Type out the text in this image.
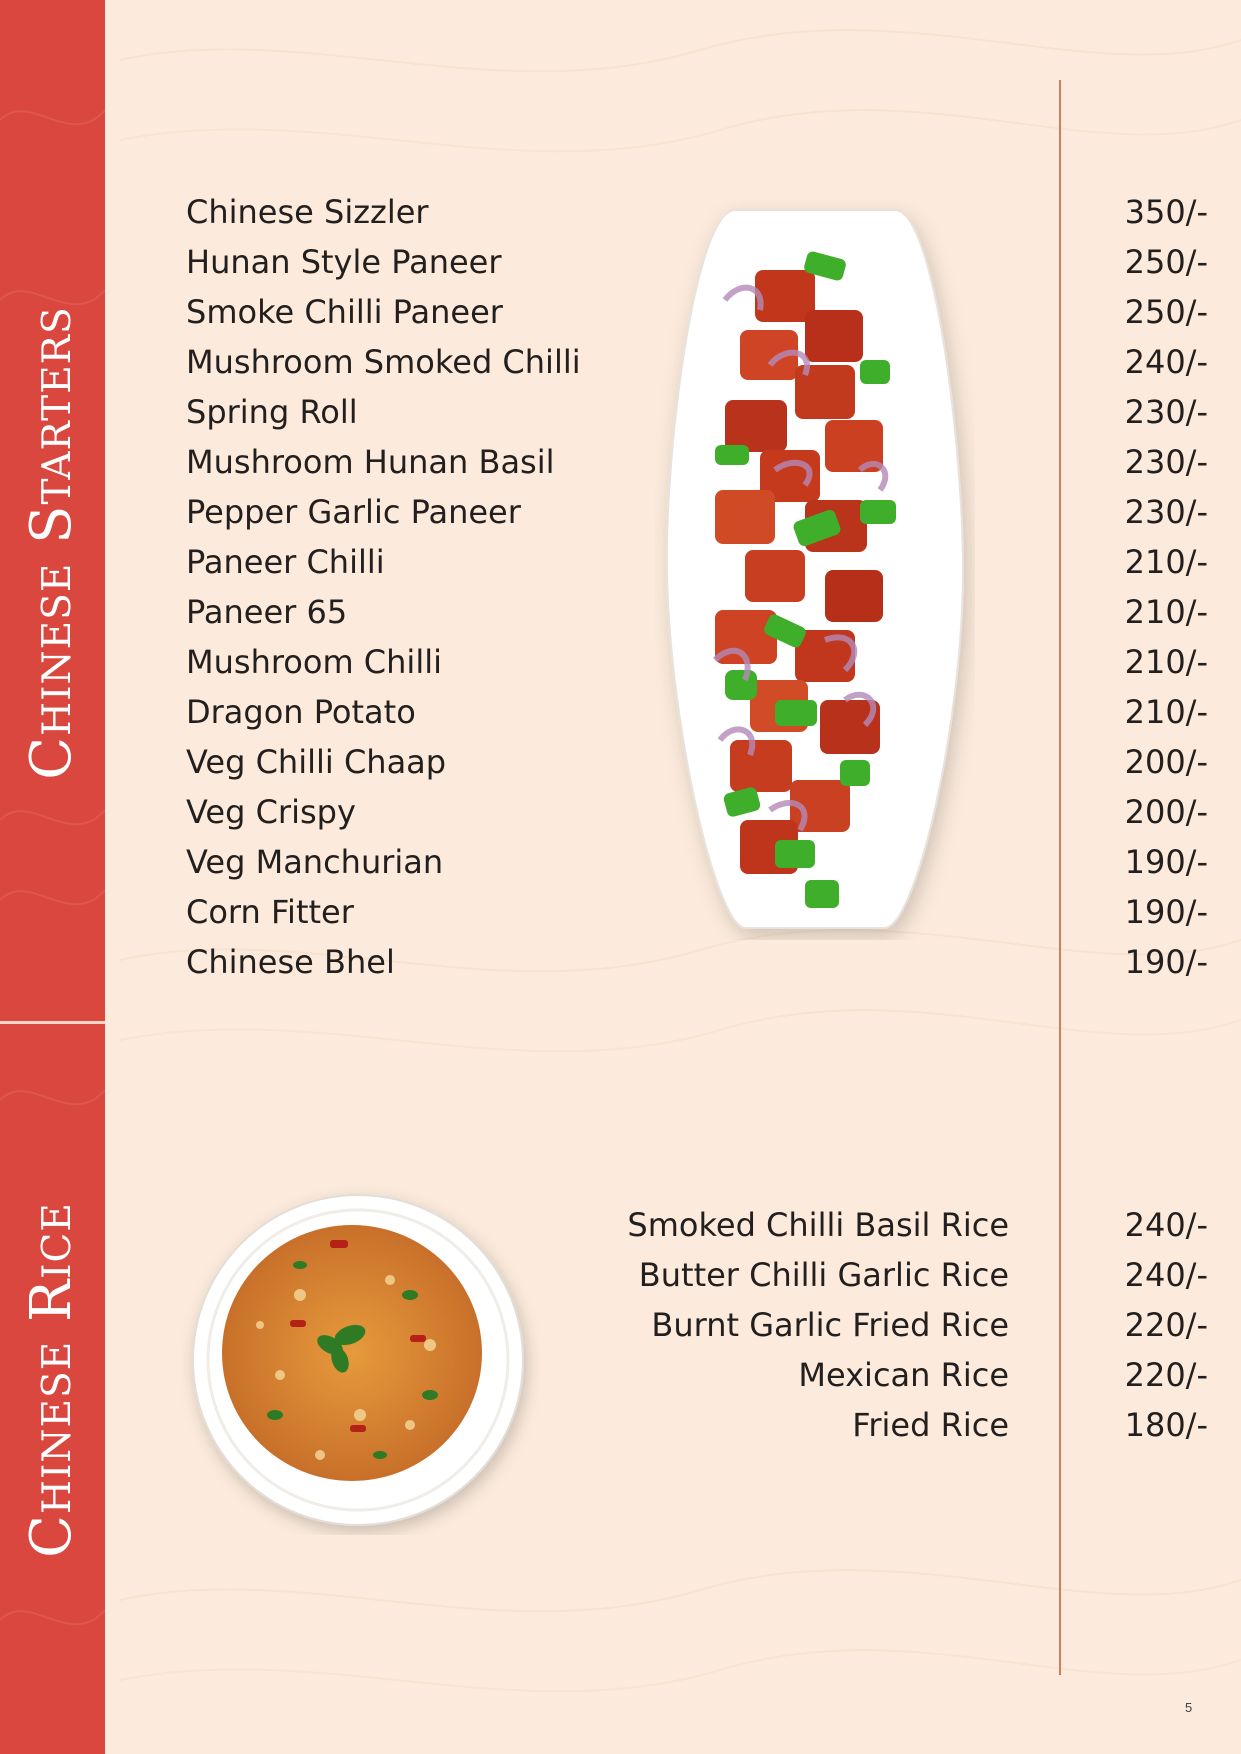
Chinese Starters
Chinese Rice
Chinese Sizzler
Hunan Style Paneer
Smoke Chilli Paneer
Mushroom Smoked Chilli
Spring Roll
Mushroom Hunan Basil
Pepper Garlic Paneer
Paneer Chilli
Paneer 65
Mushroom Chilli
Dragon Potato
Veg Chilli Chaap
Veg Crispy
Veg Manchurian
Corn Fitter
Chinese Bhel
350/-
250/-
250/-
240/-
230/-
230/-
230/-
210/-
210/-
210/-
210/-
200/-
200/-
190/-
190/-
190/-
Smoked Chilli Basil Rice
Butter Chilli Garlic Rice
Burnt Garlic Fried Rice
Mexican Rice
Fried Rice
240/-
240/-
220/-
220/-
180/-
5
